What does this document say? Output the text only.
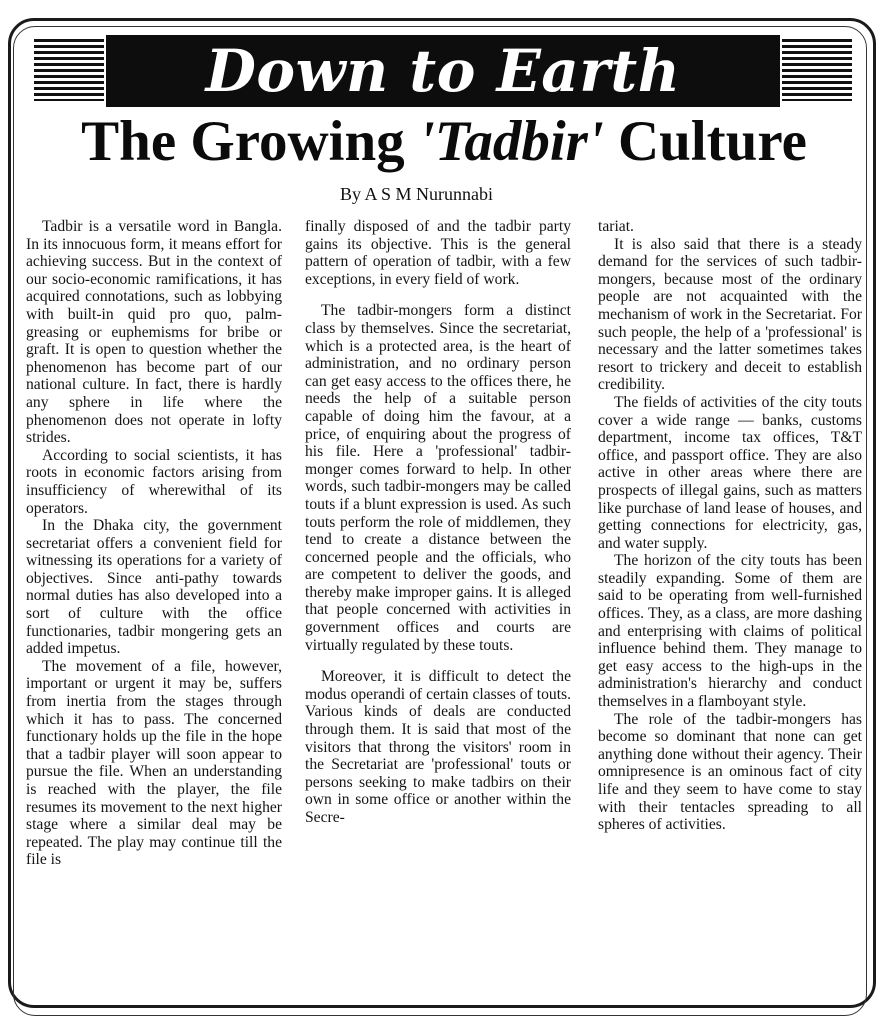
Down to Earth
The Growing 'Tadbir' Culture
By A S M Nurunnabi

Tadbir is a versatile word in Bangla. In its innocuous form, it means effort for achieving success. But in the context of our socio-economic ramifications, it has acquired connotations, such as lobbying with built-in quid pro quo, palm-greasing or euphemisms for bribe or graft. It is open to question whether the phenomenon has become part of our national culture. In fact, there is hardly any sphere in life where the phenomenon does not operate in lofty strides.

According to social scientists, it has roots in economic factors arising from insufficiency of wherewithal of its operators.

In the Dhaka city, the government secretariat offers a convenient field for witnessing its operations for a variety of objectives. Since anti-pathy towards normal duties has also developed into a sort of culture with the office functionaries, tadbir mongering gets an added impetus.

The movement of a file, however, important or urgent it may be, suffers from inertia from the stages through which it has to pass. The concerned functionary holds up the file in the hope that a tadbir player will soon appear to pursue the file. When an understanding is reached with the player, the file resumes its movement to the next higher stage where a similar deal may be repeated. The play may continue till the file is

finally disposed of and the tadbir party gains its objective. This is the general pattern of operation of tadbir, with a few exceptions, in every field of work.

The tadbir-mongers form a distinct class by themselves. Since the secretariat, which is a protected area, is the heart of administration, and no ordinary person can get easy access to the offices there, he needs the help of a suitable person capable of doing him the favour, at a price, of enquiring about the progress of his file. Here a 'professional' tadbir-monger comes forward to help. In other words, such tadbir-mongers may be called touts if a blunt expression is used. As such touts perform the role of middlemen, they tend to create a distance between the concerned people and the officials, who are competent to deliver the goods, and thereby make improper gains. It is alleged that people concerned with activities in government offices and courts are virtually regulated by these touts.

Moreover, it is difficult to detect the modus operandi of certain classes of touts. Various kinds of deals are conducted through them. It is said that most of the visitors that throng the visitors' room in the Secretariat are 'professional' touts or persons seeking to make tadbirs on their own in some office or another within the Secre-

tariat.

It is also said that there is a steady demand for the services of such tadbir-mongers, because most of the ordinary people are not acquainted with the mechanism of work in the Secretariat. For such people, the help of a 'professional' is necessary and the latter sometimes takes resort to trickery and deceit to establish credibility.

The fields of activities of the city touts cover a wide range — banks, customs department, income tax offices, T&T office, and passport office. They are also active in other areas where there are prospects of illegal gains, such as matters like purchase of land lease of houses, and getting connections for electricity, gas, and water supply.

The horizon of the city touts has been steadily expanding. Some of them are said to be operating from well-furnished offices. They, as a class, are more dashing and enterprising with claims of political influence behind them. They manage to get easy access to the high-ups in the administration's hierarchy and conduct themselves in a flamboyant style.

The role of the tadbir-mongers has become so dominant that none can get anything done without their agency. Their omnipresence is an ominous fact of city life and they seem to have come to stay with their tentacles spreading to all spheres of activities.
